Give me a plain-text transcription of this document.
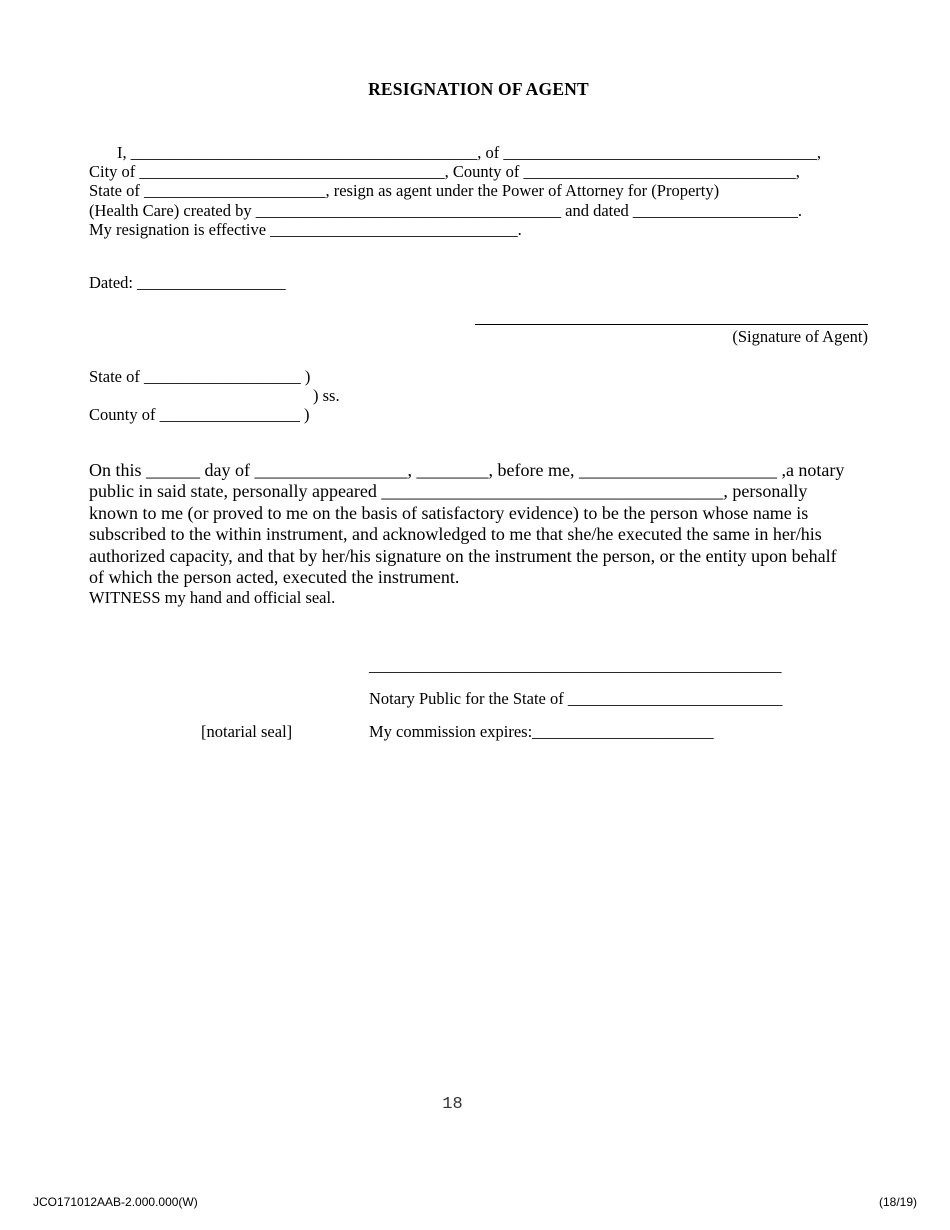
RESIGNATION OF AGENT
I, __________________________________________, of ______________________________________,
City of _____________________________________, County of _________________________________,
State of ______________________, resign as agent under the Power of Attorney for (Property)
(Health Care) created by _____________________________________ and dated ____________________.
My resignation is effective ______________________________.
Dated: __________________
(Signature of Agent)
State of ___________________ )
) ss.
County of _________________ )
On this ______ day of _________________, ________, before me, ______________________ ,a notary
public in said state, personally appeared ______________________________________, personally
known to me (or proved to me on the basis of satisfactory evidence) to be the person whose name is
subscribed to the within instrument, and acknowledged to me that she/he executed the same in her/his
authorized capacity, and that by her/his signature on the instrument the person, or the entity upon behalf
of which the person acted, executed the instrument.
WITNESS my hand and official seal.
__________________________________________________
Notary Public for the State of __________________________
[notarial seal]	My commission expires:______________________
18
JCO171012AAB-2.000.000(W)	(18/19)
